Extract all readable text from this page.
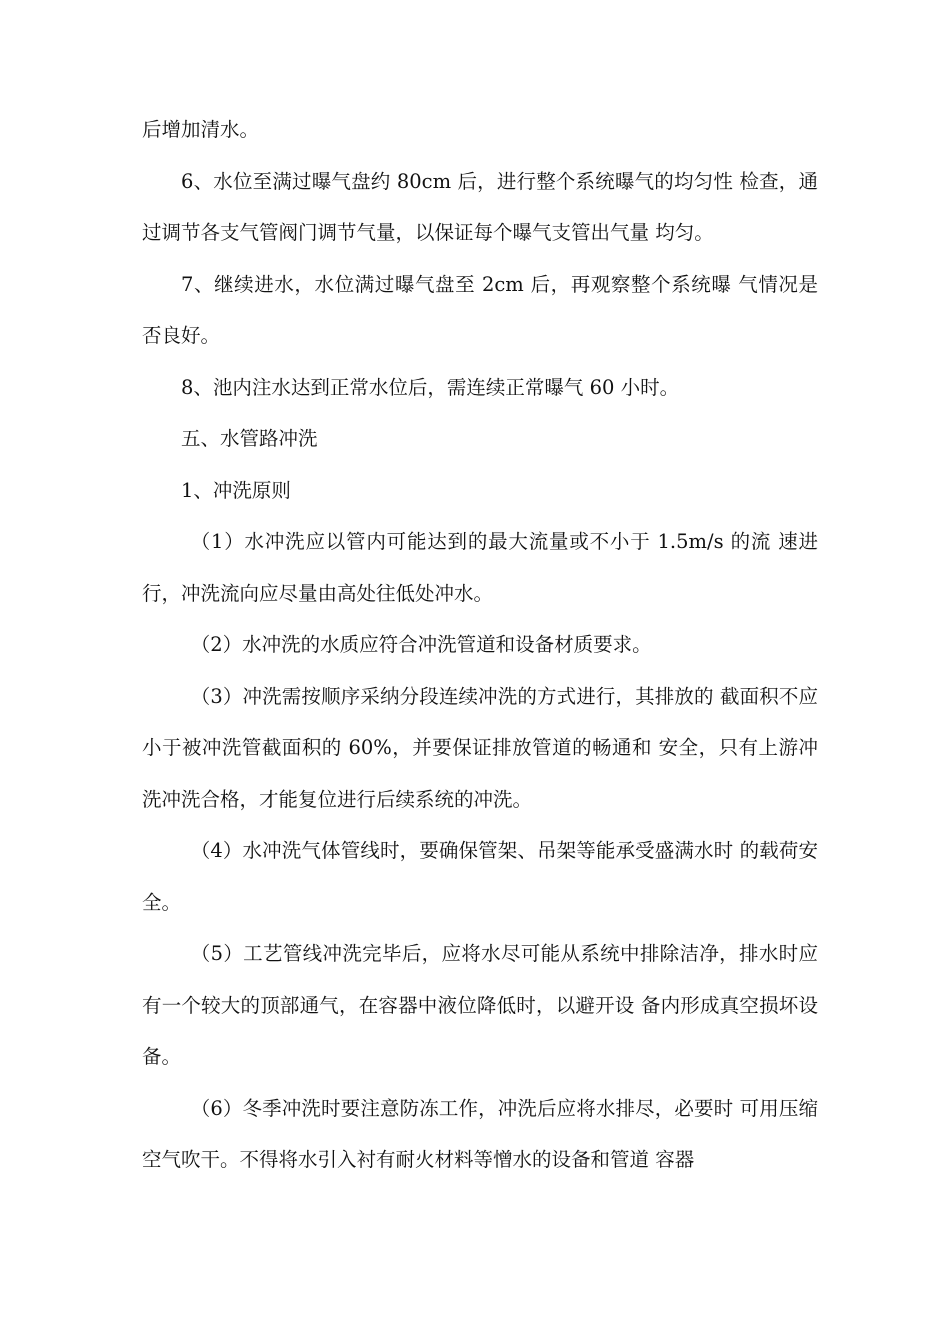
后增加清水。

6、水位至满过曝气盘约 80cm 后，进行整个系统曝气的均匀性 检查，通过调节各支气管阀门调节气量，以保证每个曝气支管出气量 均匀。

7、继续进水，水位满过曝气盘至 2cm 后，再观察整个系统曝 气情况是否良好。

8、池内注水达到正常水位后，需连续正常曝气 60 小时。

五、水管路冲洗

1、冲洗原则

（1）水冲洗应以管内可能达到的最大流量或不小于 1.5m/s 的流 速进行，冲洗流向应尽量由高处往低处冲水。

（2）水冲洗的水质应符合冲洗管道和设备材质要求。

（3）冲洗需按顺序采纳分段连续冲洗的方式进行，其排放的 截面积不应小于被冲洗管截面积的 60%，并要保证排放管道的畅通和 安全，只有上游冲洗冲洗合格，才能复位进行后续系统的冲洗。

（4）水冲洗气体管线时，要确保管架、吊架等能承受盛满水时 的载荷安全。

（5）工艺管线冲洗完毕后，应将水尽可能从系统中排除洁净，排水时应有一个较大的顶部通气，在容器中液位降低时，以避开设 备内形成真空损坏设备。

（6）冬季冲洗时要注意防冻工作，冲洗后应将水排尽，必要时 可用压缩空气吹干。不得将水引入衬有耐火材料等憎水的设备和管道 容器
